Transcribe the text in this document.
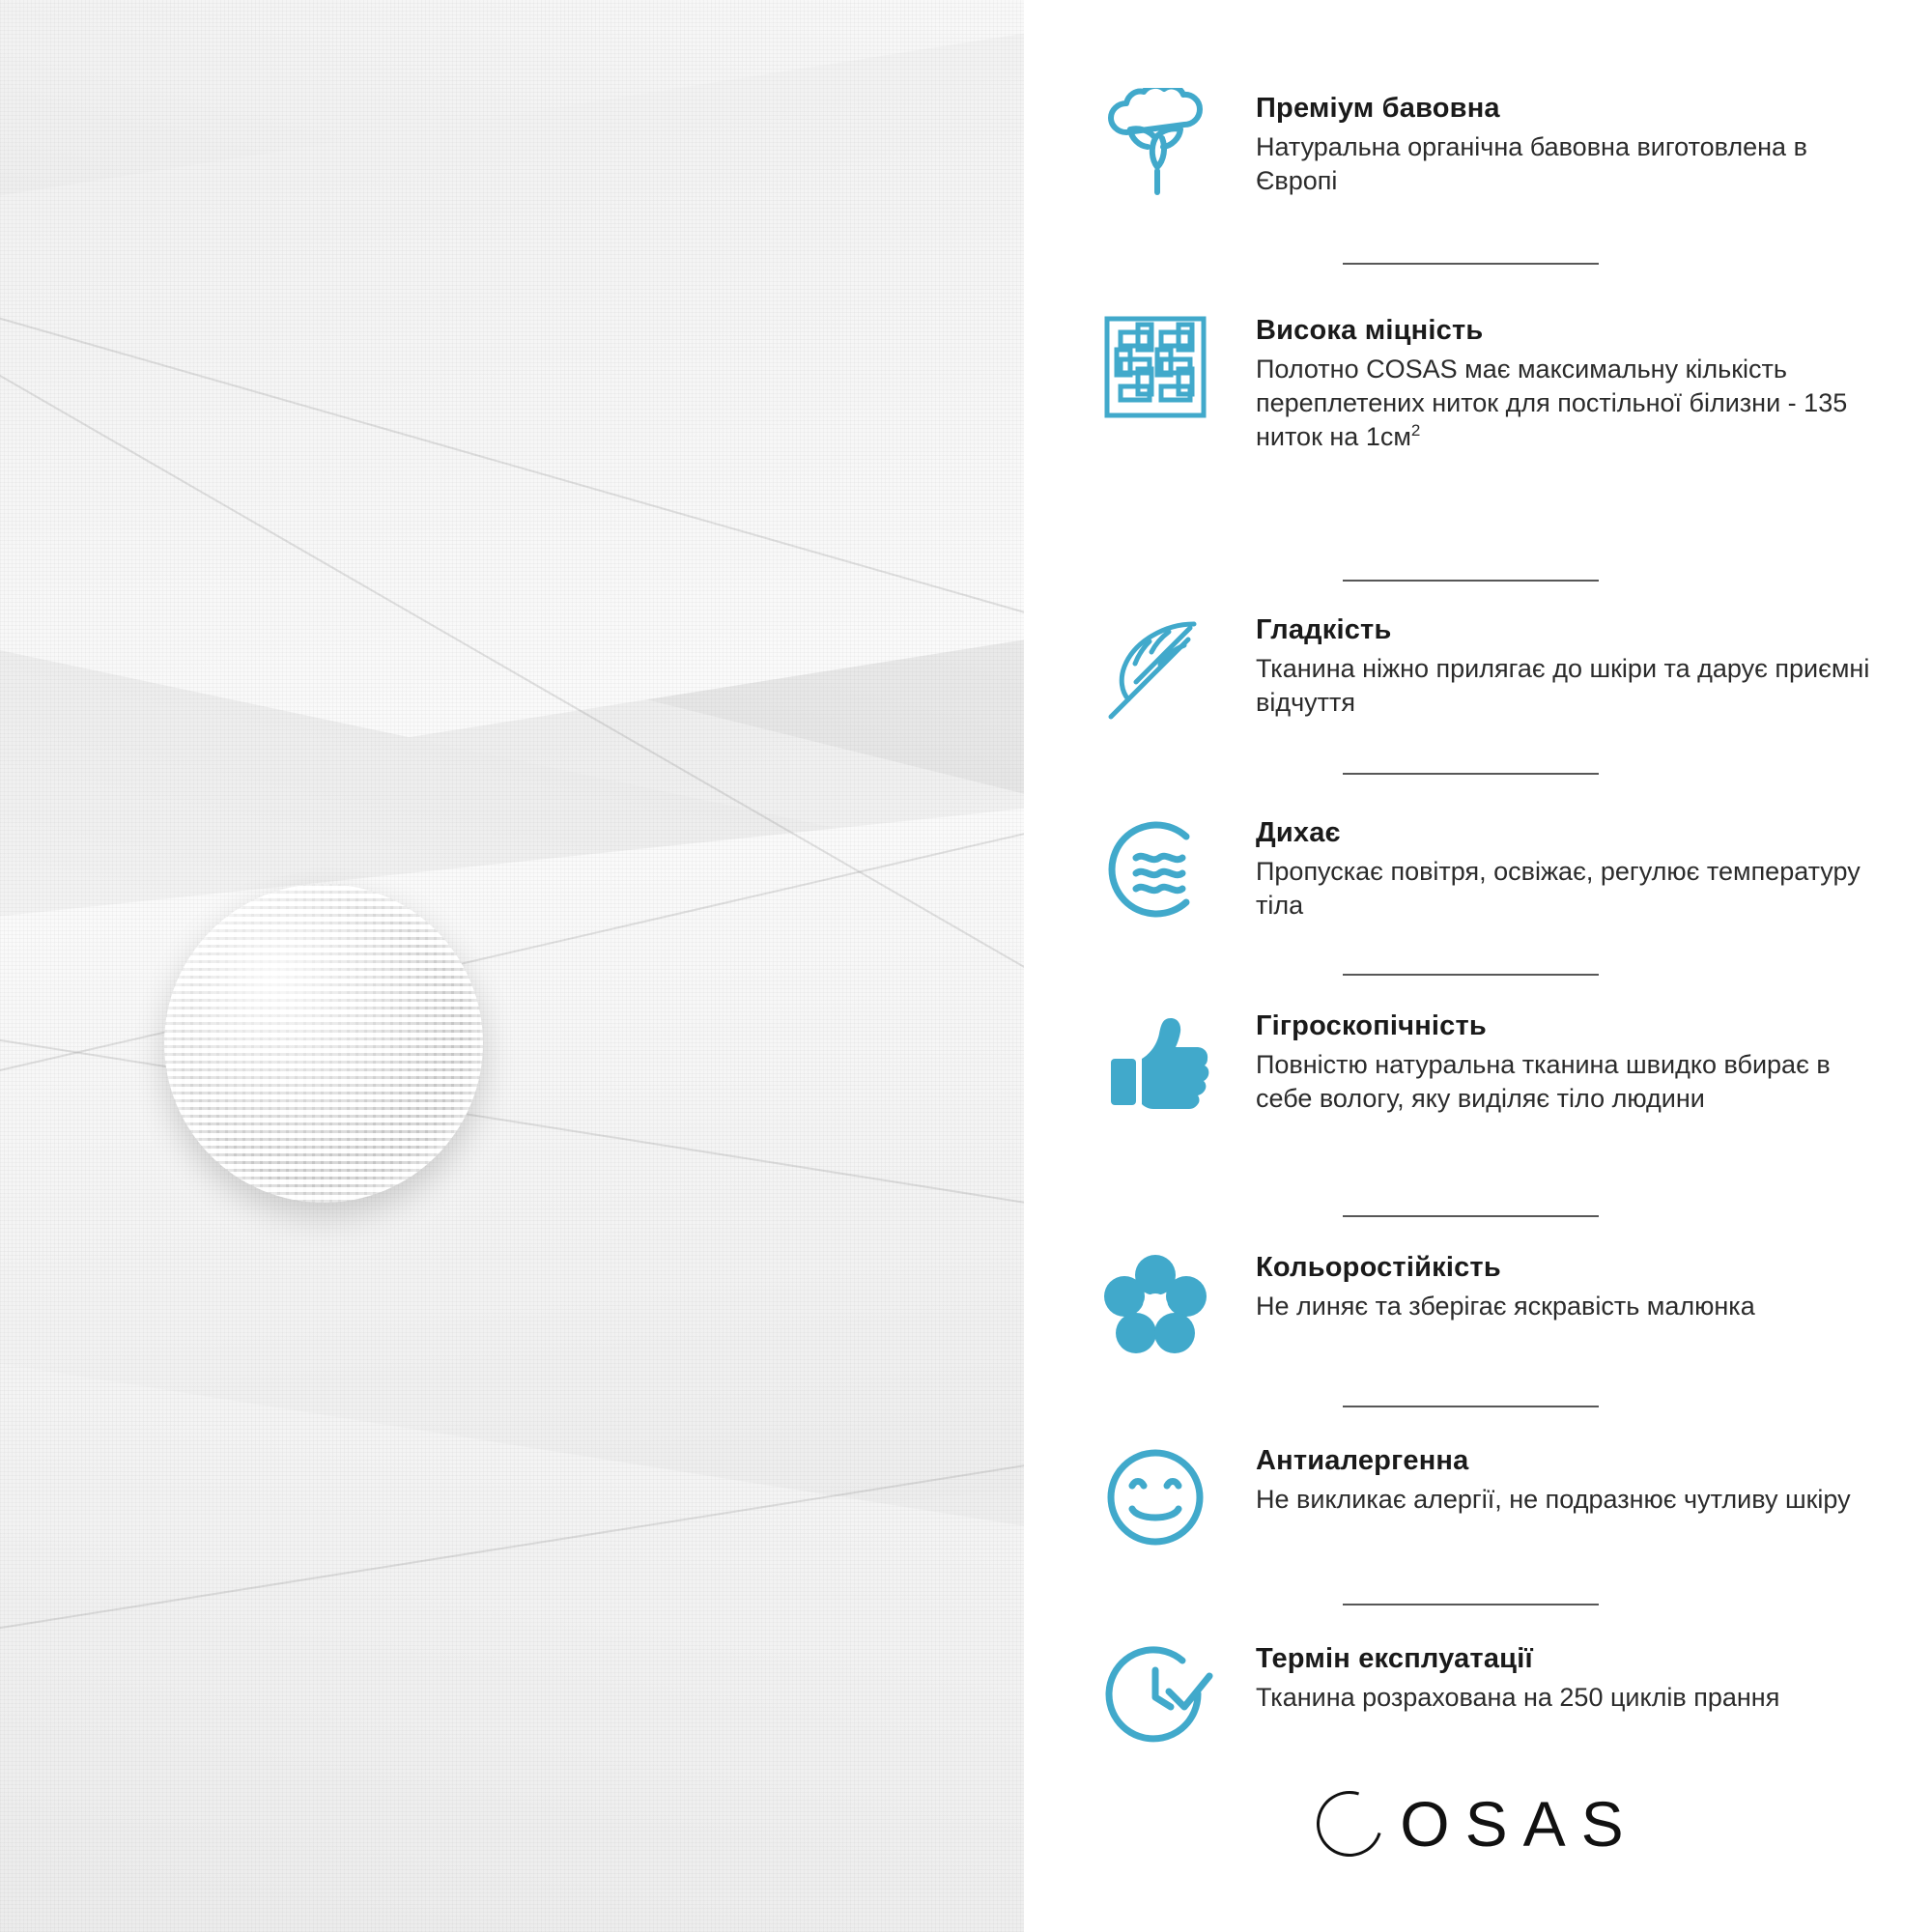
Преміум бавовна

Натуральна органічна бавовна виготовлена в Європі

Висока міцність

Полотно COSAS має максимальну кількість переплетених ниток для постільної білизни - 135 ниток на $1см^2$

Гладкість

Тканина ніжно прилягає до шкіри та дарує приємні відчуття

Дихає

Пропускає повітря, освіжає, регулює температуру тіла

Гігроскопічність

Повністю натуральна тканина швидко вбирає в себе вологу, яку виділяє тіло людини

Кольоростійкість

Не линяє та зберігає яскравість малюнка

Антиалергенна

Не викликає алергії, не подразнює чутливу шкіру

Термін експлуатації

Тканина розрахована на 250 циклів прання

OSAS
